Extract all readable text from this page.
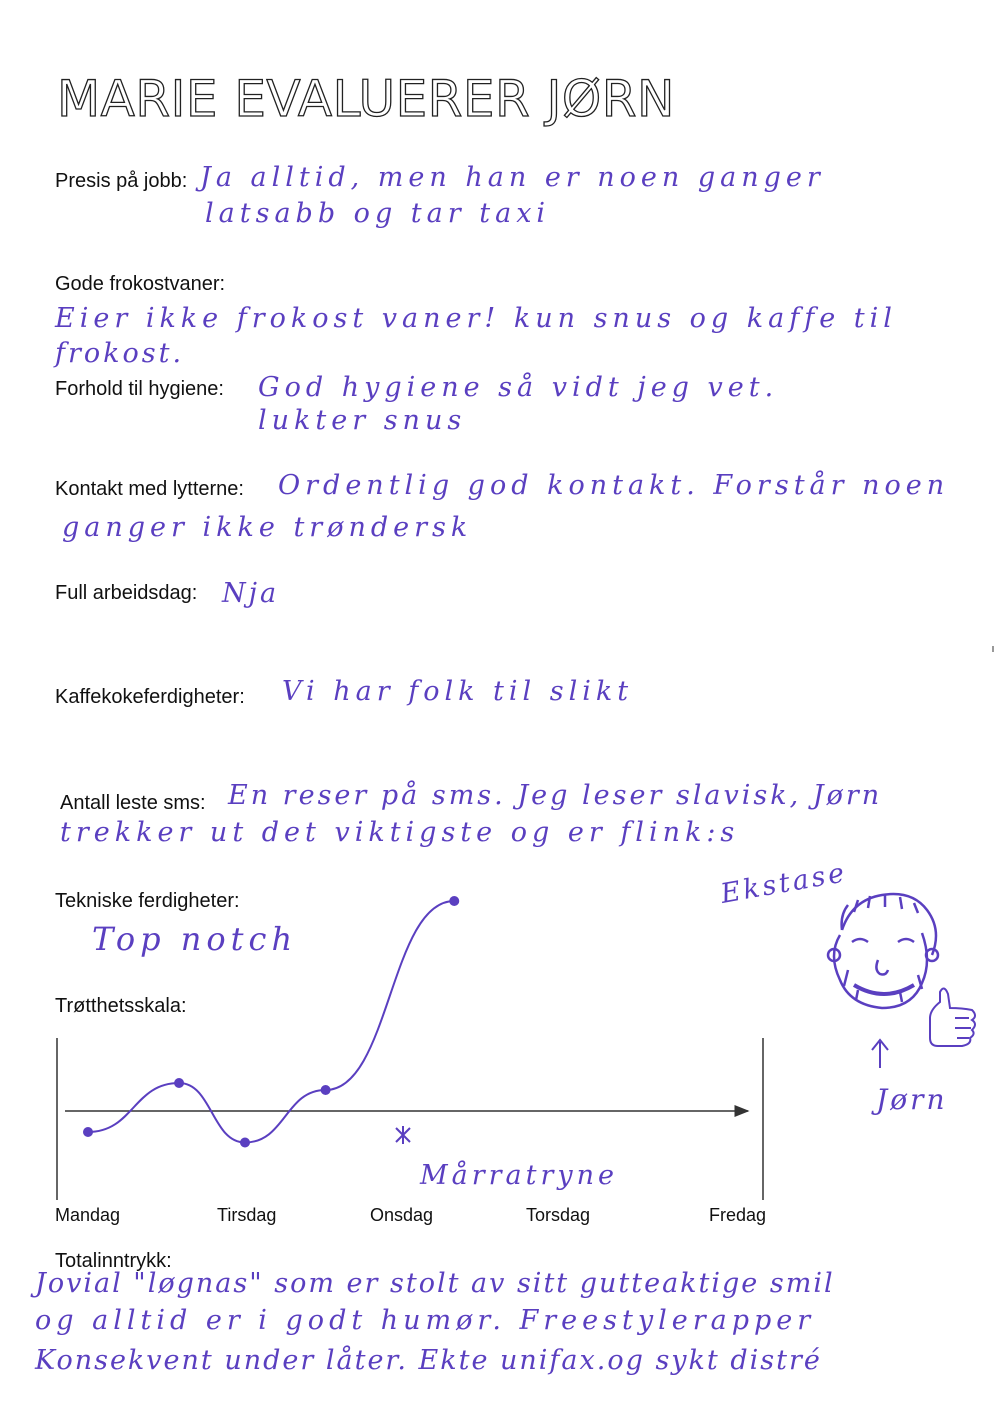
MARIE EVALUERER JØRN
Presis på jobb: Ja alltid, men han er noen ganger
latsabb og tar taxi
Gode frokostvaner:
Eier ikke frokost vaner! kun snus og kaffe til
frokost.
Forhold til hygiene: God hygiene så vidt jeg vet.
lukter snus
Kontakt med lytterne: Ordentlig god kontakt. Forstår noen
ganger ikke trøndersk
Full arbeidsdag: Nja
Kaffekokeferdigheter: Vi har folk til slikt
Antall leste sms: En reser på sms. Jeg leser slavisk, Jørn
trekker ut det viktigste og er flink:s
Tekniske ferdigheter:
Top notch
Trøtthetsskala:
Mårratryne
Ekstase
Jørn
Mandag	Tirsdag	Onsdag	Torsdag	Fredag
Totalinntrykk:
Jovial "løgnas" som er stolt av sitt gutteaktige smil
og alltid er i godt humør. Freestylerapper
Konsekvent under låter. Ekte unifax.og sykt distré
